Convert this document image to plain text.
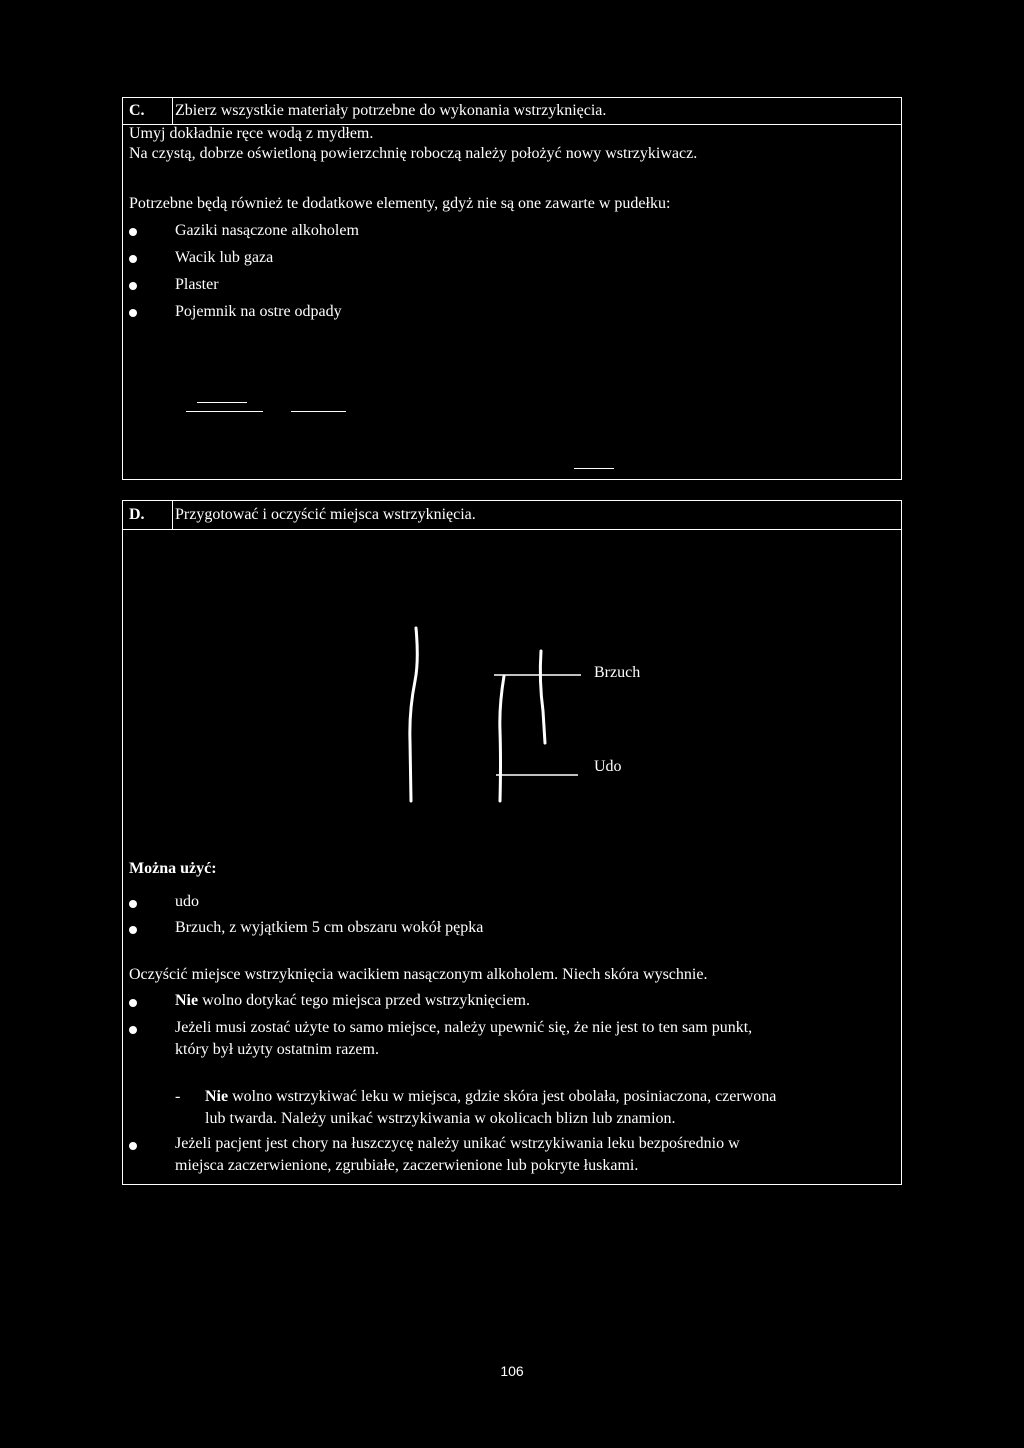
C. Zbierz wszystkie materiały potrzebne do wykonania wstrzyknięcia.
Umyj dokładnie ręce wodą z mydłem.
Na czystą, dobrze oświetloną powierzchnię roboczą należy położyć nowy wstrzykiwacz.
Potrzebne będą również te dodatkowe elementy, gdyż nie są one zawarte w pudełku:
Gaziki nasączone alkoholem
Wacik lub gaza
Plaster
Pojemnik na ostre odpady
D. Przygotować i oczyścić miejsca wstrzyknięcia.
Brzuch
Udo
Można użyć:
udo
Brzuch, z wyjątkiem 5 cm obszaru wokół pępka
Oczyścić miejsce wstrzyknięcia wacikiem nasączonym alkoholem. Niech skóra wyschnie.
Nie wolno dotykać tego miejsca przed wstrzyknięciem.
Jeżeli musi zostać użyte to samo miejsce, należy upewnić się, że nie jest to ten sam punkt,
który był użyty ostatnim razem.
- Nie wolno wstrzykiwać leku w miejsca, gdzie skóra jest obolała, posiniaczona, czerwona
lub twarda. Należy unikać wstrzykiwania w okolicach blizn lub znamion.
Jeżeli pacjent jest chory na łuszczycę należy unikać wstrzykiwania leku bezpośrednio w
miejsca zaczerwienione, zgrubiałe, zaczerwienione lub pokryte łuskami.
106
